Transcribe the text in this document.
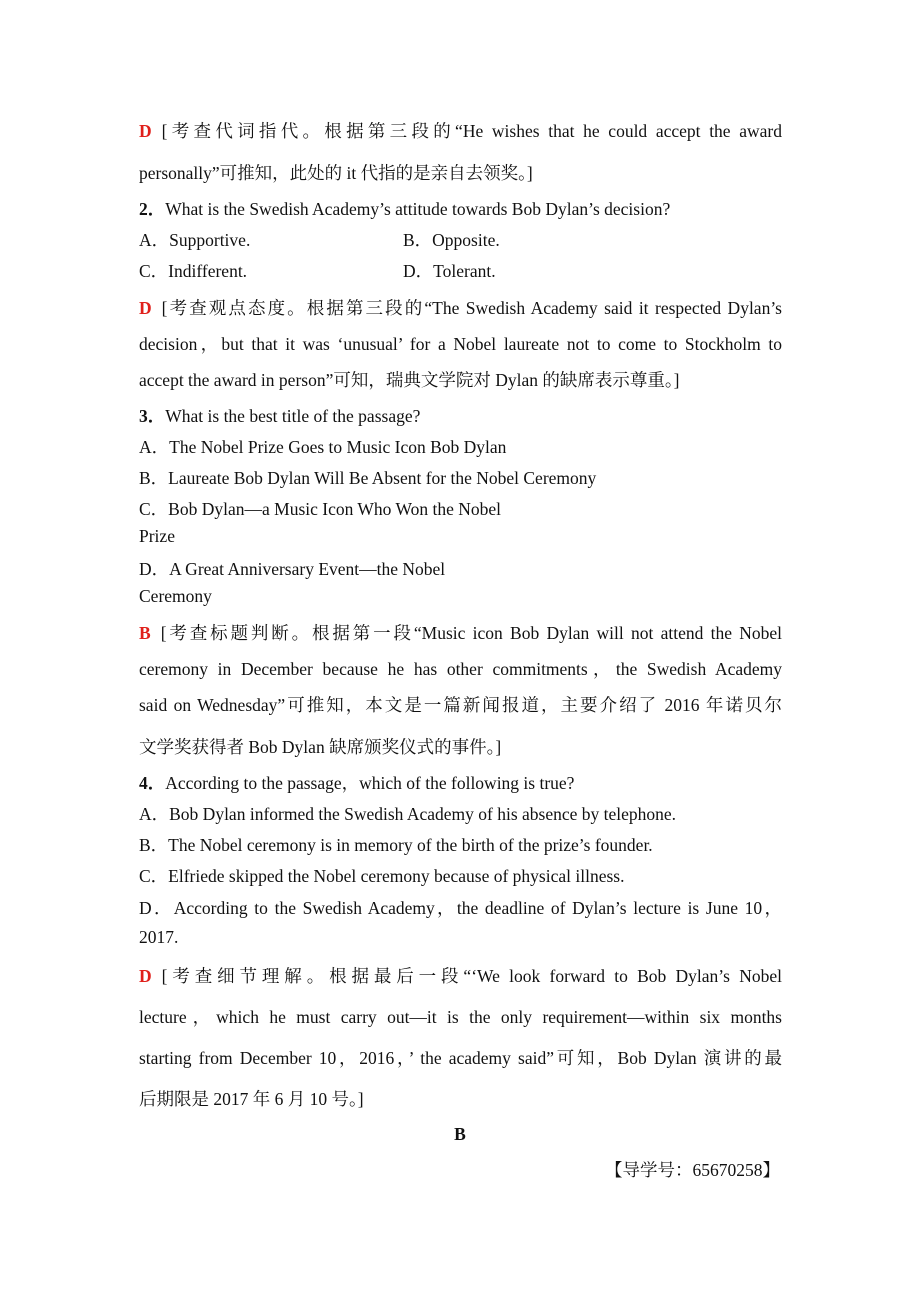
D [考查代词指代。根据第三段的“He wishes that he could accept the award
personally”可推知，此处的 it 代指的是亲自去领奖。]
2．What is the Swedish Academy’s attitude towards Bob Dylan’s decision?
A．Supportive.	B．Opposite.
C．Indifferent.	D．Tolerant.
D [考查观点态度。根据第三段的“The Swedish Academy said it respected Dylan’s
decision，but that it was ‘unusual’ for a Nobel laureate not to come to Stockholm to
accept the award in person”可知，瑞典文学院对 Dylan 的缺席表示尊重。]
3．What is the best title of the passage?
A．The Nobel Prize Goes to Music Icon Bob Dylan
B．Laureate Bob Dylan Will Be Absent for the Nobel Ceremony
C．Bob Dylan—a Music Icon Who Won the Nobel
Prize
D．A Great Anniversary Event—the Nobel
Ceremony
B [考查标题判断。根据第一段“Music icon Bob Dylan will not attend the Nobel
ceremony in December because he has other commitments，the Swedish Academy
said on Wednesday”可推知，本文是一篇新闻报道，主要介绍了 2016 年诺贝尔
文学奖获得者 Bob Dylan 缺席颁奖仪式的事件。]
4．According to the passage，which of the following is true?
A．Bob Dylan informed the Swedish Academy of his absence by telephone.
B．The Nobel ceremony is in memory of the birth of the prize’s founder.
C．Elfriede skipped the Nobel ceremony because of physical illness.
D．According to the Swedish Academy，the deadline of Dylan’s lecture is June 10，
2017.
D [考查细节理解。根据最后一段“‘We look forward to Bob Dylan’s Nobel
lecture，which he must carry out—it is the only requirement—within six months
starting from December 10，2016，’ the academy said”可知，Bob Dylan 演讲的最
后期限是 2017 年 6 月 10 号。]
B
【导学号：65670258】
